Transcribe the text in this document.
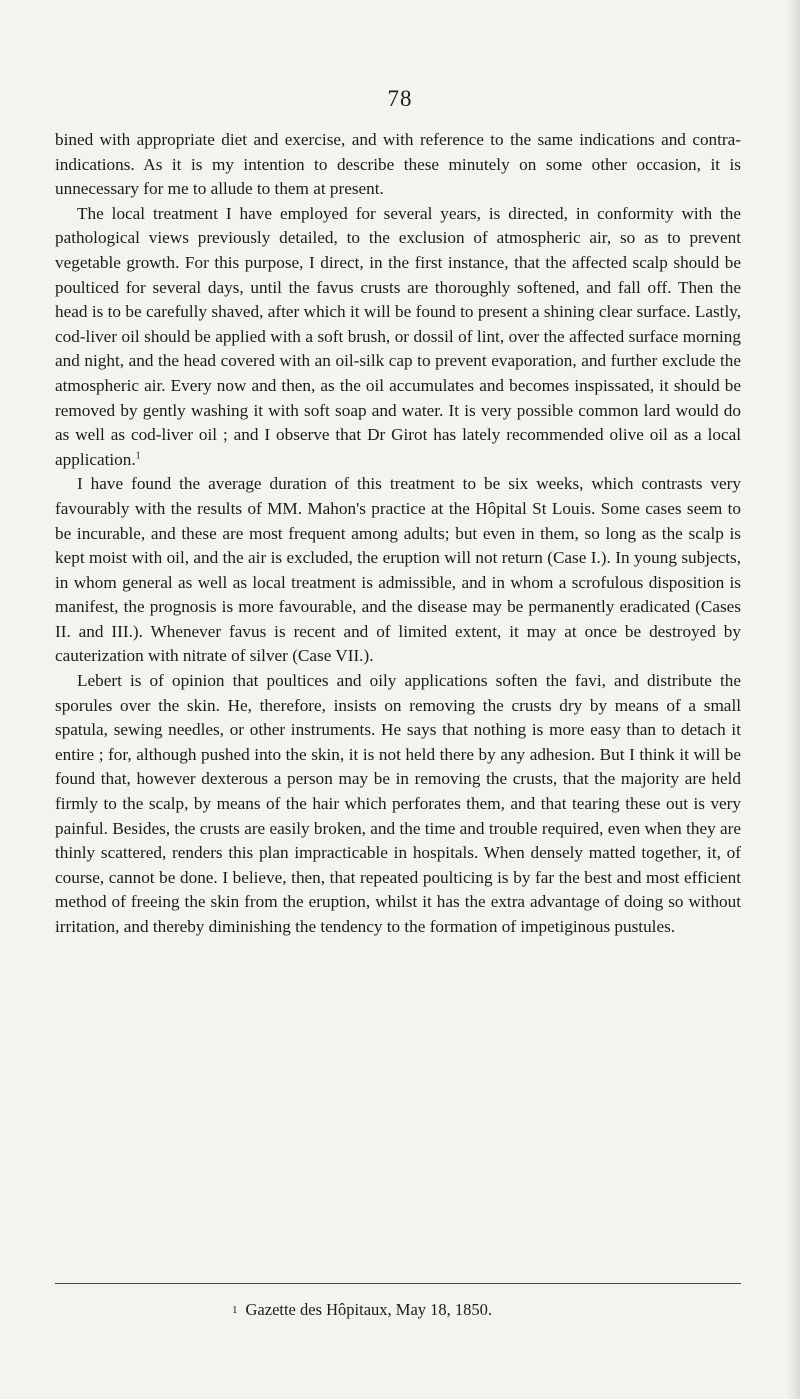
78

bined with appropriate diet and exercise, and with reference to the same indications and contra-indications. As it is my intention to describe these minutely on some other occasion, it is unnecessary for me to allude to them at present.

The local treatment I have employed for several years, is directed, in conformity with the pathological views previously detailed, to the exclusion of atmospheric air, so as to prevent vegetable growth. For this purpose, I direct, in the first instance, that the affected scalp should be poulticed for several days, until the favus crusts are thoroughly softened, and fall off. Then the head is to be carefully shaved, after which it will be found to present a shining clear surface. Lastly, cod-liver oil should be applied with a soft brush, or dossil of lint, over the affected surface morning and night, and the head covered with an oil-silk cap to prevent evaporation, and further exclude the atmospheric air. Every now and then, as the oil accumulates and becomes inspissated, it should be removed by gently washing it with soft soap and water. It is very possible common lard would do as well as cod-liver oil ; and I observe that Dr Girot has lately recommended olive oil as a local application.$^1$

I have found the average duration of this treatment to be six weeks, which contrasts very favourably with the results of MM. Mahon's practice at the Hôpital St Louis. Some cases seem to be incurable, and these are most frequent among adults; but even in them, so long as the scalp is kept moist with oil, and the air is excluded, the eruption will not return (Case I.). In young subjects, in whom general as well as local treatment is admissible, and in whom a scrofulous disposition is manifest, the prognosis is more favourable, and the disease may be permanently eradicated (Cases II. and III.). Whenever favus is recent and of limited extent, it may at once be destroyed by cauterization with nitrate of silver (Case VII.).

Lebert is of opinion that poultices and oily applications soften the favi, and distribute the sporules over the skin. He, therefore, insists on removing the crusts dry by means of a small spatula, sewing needles, or other instruments. He says that nothing is more easy than to detach it entire ; for, although pushed into the skin, it is not held there by any adhesion. But I think it will be found that, however dexterous a person may be in removing the crusts, that the majority are held firmly to the scalp, by means of the hair which perforates them, and that tearing these out is very painful. Besides, the crusts are easily broken, and the time and trouble required, even when they are thinly scattered, renders this plan impracticable in hospitals. When densely matted together, it, of course, cannot be done. I believe, then, that repeated poulticing is by far the best and most efficient method of freeing the skin from the eruption, whilst it has the extra advantage of doing so without irritation, and thereby diminishing the tendency to the formation of impetiginous pustules.

1 Gazette des Hôpitaux, May 18, 1850.
